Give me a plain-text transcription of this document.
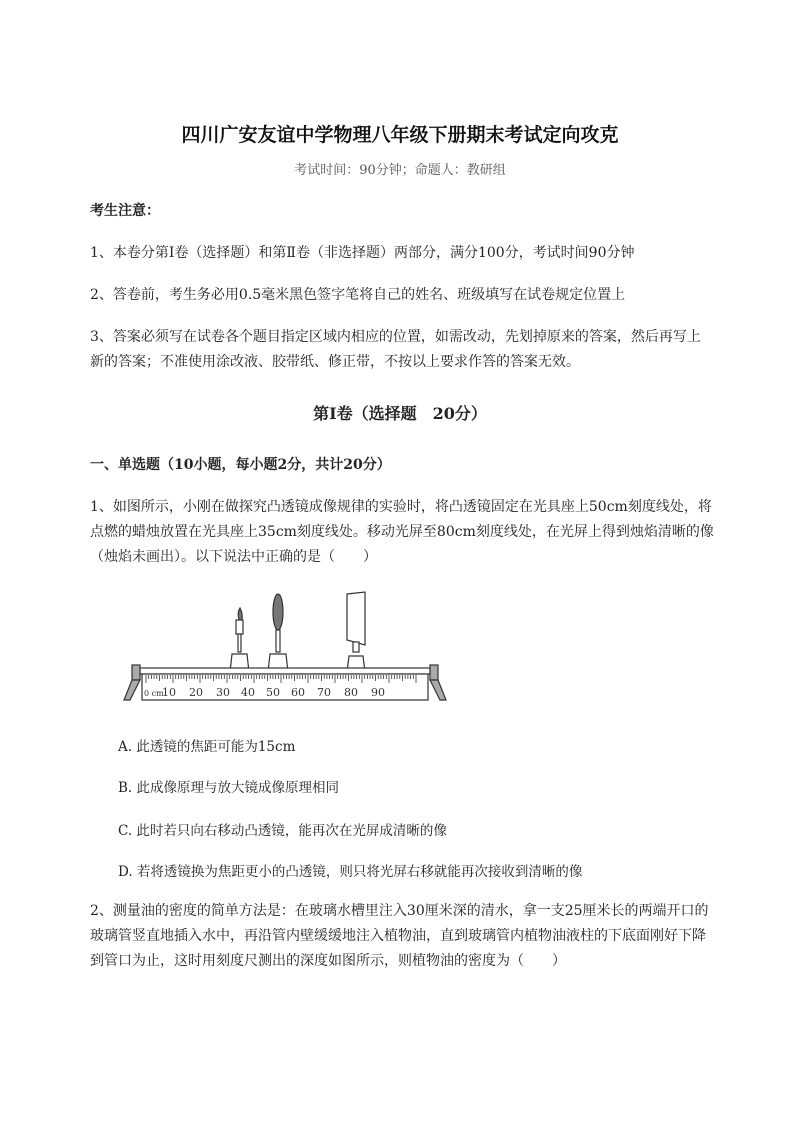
四川广安友谊中学物理八年级下册期末考试定向攻克
考试时间：90分钟；命题人：教研组
考生注意：
1、本卷分第I卷（选择题）和第Ⅱ卷（非选择题）两部分，满分100分，考试时间90分钟
2、答卷前，考生务必用0.5毫米黑色签字笔将自己的姓名、班级填写在试卷规定位置上
3、答案必须写在试卷各个题目指定区域内相应的位置，如需改动，先划掉原来的答案，然后再写上新的答案；不准使用涂改液、胶带纸、修正带，不按以上要求作答的答案无效。
第I卷（选择题　20分）
一、单选题（10小题，每小题2分，共计20分）
1、如图所示，小刚在做探究凸透镜成像规律的实验时，将凸透镜固定在光具座上50cm刻度线处，将点燃的蜡烛放置在光具座上35cm刻度线处。移动光屏至80cm刻度线处，在光屏上得到烛焰清晰的像（烛焰未画出）。以下说法中正确的是（　　）
0 cm
10 20 30 40 50 60 70 80 90
A. 此透镜的焦距可能为15cm
B. 此成像原理与放大镜成像原理相同
C. 此时若只向右移动凸透镜，能再次在光屏成清晰的像
D. 若将透镜换为焦距更小的凸透镜，则只将光屏右移就能再次接收到清晰的像
2、测量油的密度的简单方法是：在玻璃水槽里注入30厘米深的清水，拿一支25厘米长的两端开口的玻璃管竖直地插入水中，再沿管内壁缓缓地注入植物油，直到玻璃管内植物油液柱的下底面刚好下降到管口为止，这时用刻度尺测出的深度如图所示，则植物油的密度为（　　）
